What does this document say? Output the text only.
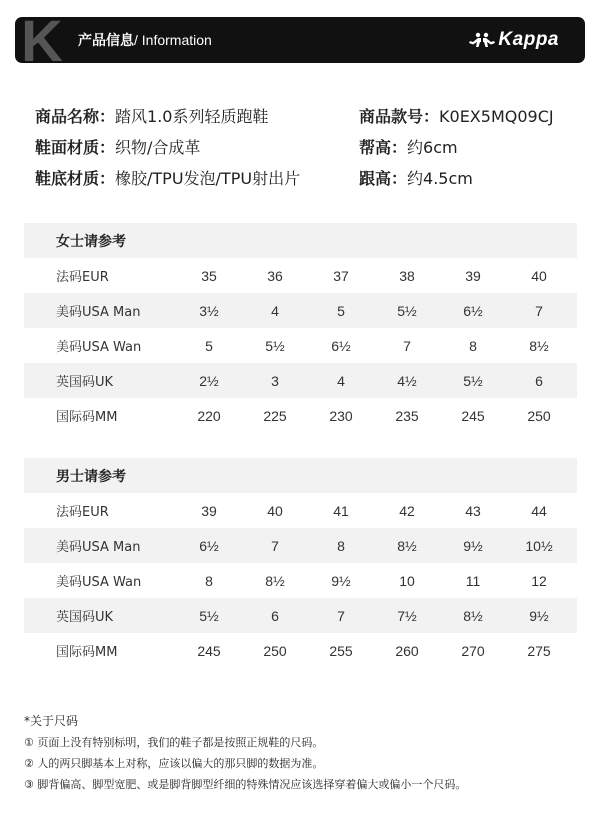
K 产品信息/ Information	Kappa
商品名称：踏风1.0系列轻质跑鞋	商品款号：K0EX5MQ09CJ
鞋面材质：织物/合成革	帮高：约6cm
鞋底材质：橡胶/TPU发泡/TPU射出片	跟高：约4.5cm
女士请参考
法码EUR	35	36	37	38	39	40
美码USA Man	3½	4	5	5½	6½	7
美码USA Wan	5	5½	6½	7	8	8½
英国码UK	2½	3	4	4½	5½	6
国际码MM	220	225	230	235	245	250
男士请参考
法码EUR	39	40	41	42	43	44
美码USA Man	6½	7	8	8½	9½	10½
美码USA Wan	8	8½	9½	10	11	12
英国码UK	5½	6	7	7½	8½	9½
国际码MM	245	250	255	260	270	275
*关于尺码
① 页面上没有特别标明，我们的鞋子都是按照正规鞋的尺码。
② 人的两只脚基本上对称，应该以偏大的那只脚的数据为准。
③ 脚背偏高、脚型宽肥、或是脚背脚型纤细的特殊情况应该选择穿着偏大或偏小一个尺码。
